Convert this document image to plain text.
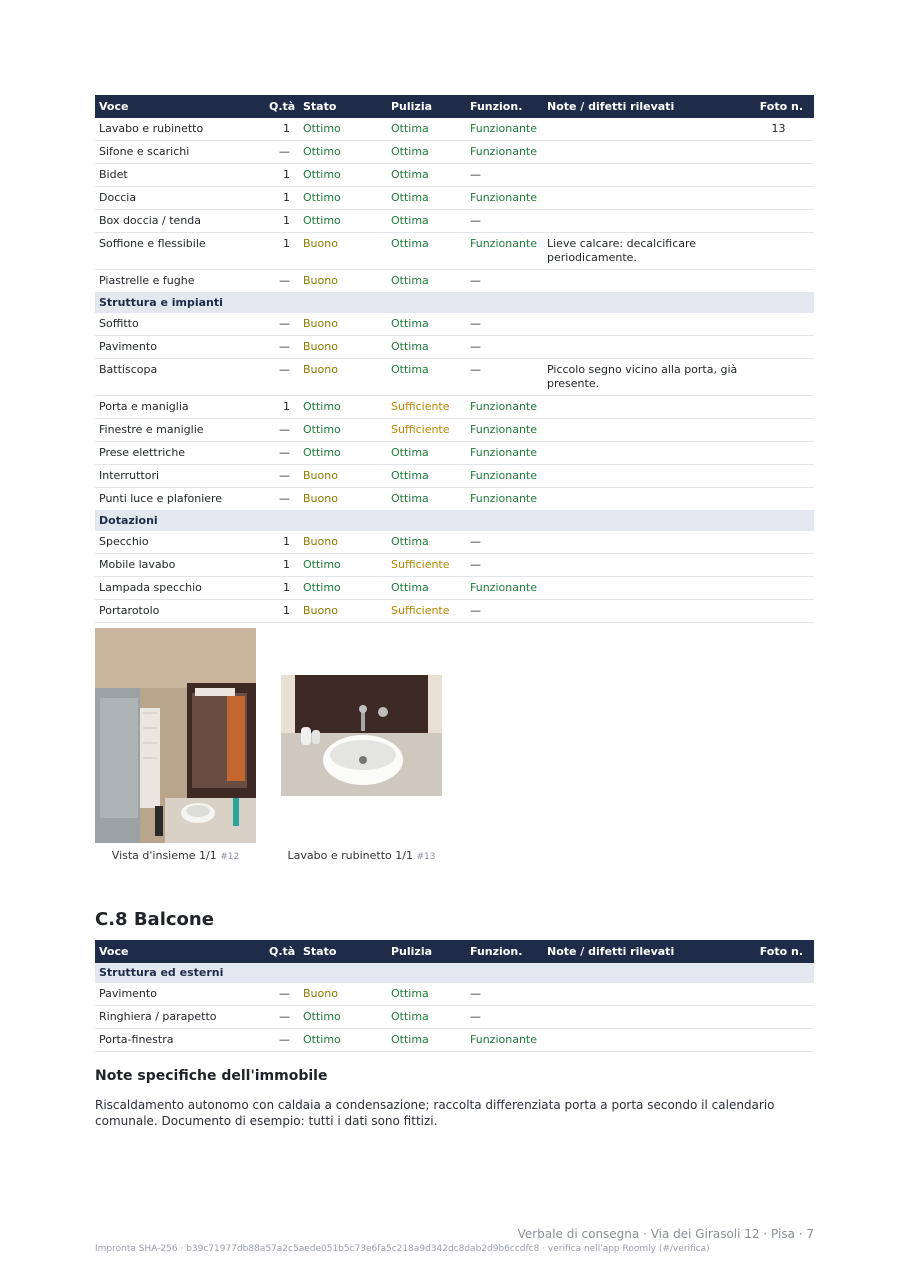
Voce	Q.tà	Stato	Pulizia	Funzion.	Note / difetti rilevati	Foto n.
Lavabo e rubinetto	1	Ottimo	Ottima	Funzionante		13
Sifone e scarichi	—	Ottimo	Ottima	Funzionante		
Bidet	1	Ottimo	Ottima	—		
Doccia	1	Ottimo	Ottima	Funzionante		
Box doccia / tenda	1	Ottimo	Ottima	—		
Soffione e flessibile	1	Buono	Ottima	Funzionante	Lieve calcare: decalcificare periodicamente.	
Piastrelle e fughe	—	Buono	Ottima	—		
Struttura e impianti						
Soffitto	—	Buono	Ottima	—		
Pavimento	—	Buono	Ottima	—		
Battiscopa	—	Buono	Ottima	—	Piccolo segno vicino alla porta, già presente.	
Porta e maniglia	1	Ottimo	Sufficiente	Funzionante		
Finestre e maniglie	—	Ottimo	Sufficiente	Funzionante		
Prese elettriche	—	Ottimo	Ottima	Funzionante		
Interruttori	—	Buono	Ottima	Funzionante		
Punti luce e plafoniere	—	Buono	Ottima	Funzionante		
Dotazioni						
Specchio	1	Buono	Ottima	—		
Mobile lavabo	1	Ottimo	Sufficiente	—		
Lampada specchio	1	Ottimo	Ottima	Funzionante		
Portarotolo	1	Buono	Sufficiente	—		
Vista d'insieme 1/1 #12	Lavabo e rubinetto 1/1 #13
C.8 Balcone
Voce	Q.tà	Stato	Pulizia	Funzion.	Note / difetti rilevati	Foto n.
Struttura ed esterni						
Pavimento	—	Buono	Ottima	—		
Ringhiera / parapetto	—	Ottimo	Ottima	—		
Porta-finestra	—	Ottimo	Ottima	Funzionante		
Note specifiche dell'immobile
Riscaldamento autonomo con caldaia a condensazione; raccolta differenziata porta a porta secondo il calendario comunale. Documento di esempio: tutti i dati sono fittizi.
Verbale di consegna · Via dei Girasoli 12 · Pisa · 7
Impronta SHA-256 · b39c71977db88a57a2c5aede051b5c73e6fa5c218a9d342dc8dab2d9b6ccdfc8 · verifica nell'app Roomly (#/verifica)
